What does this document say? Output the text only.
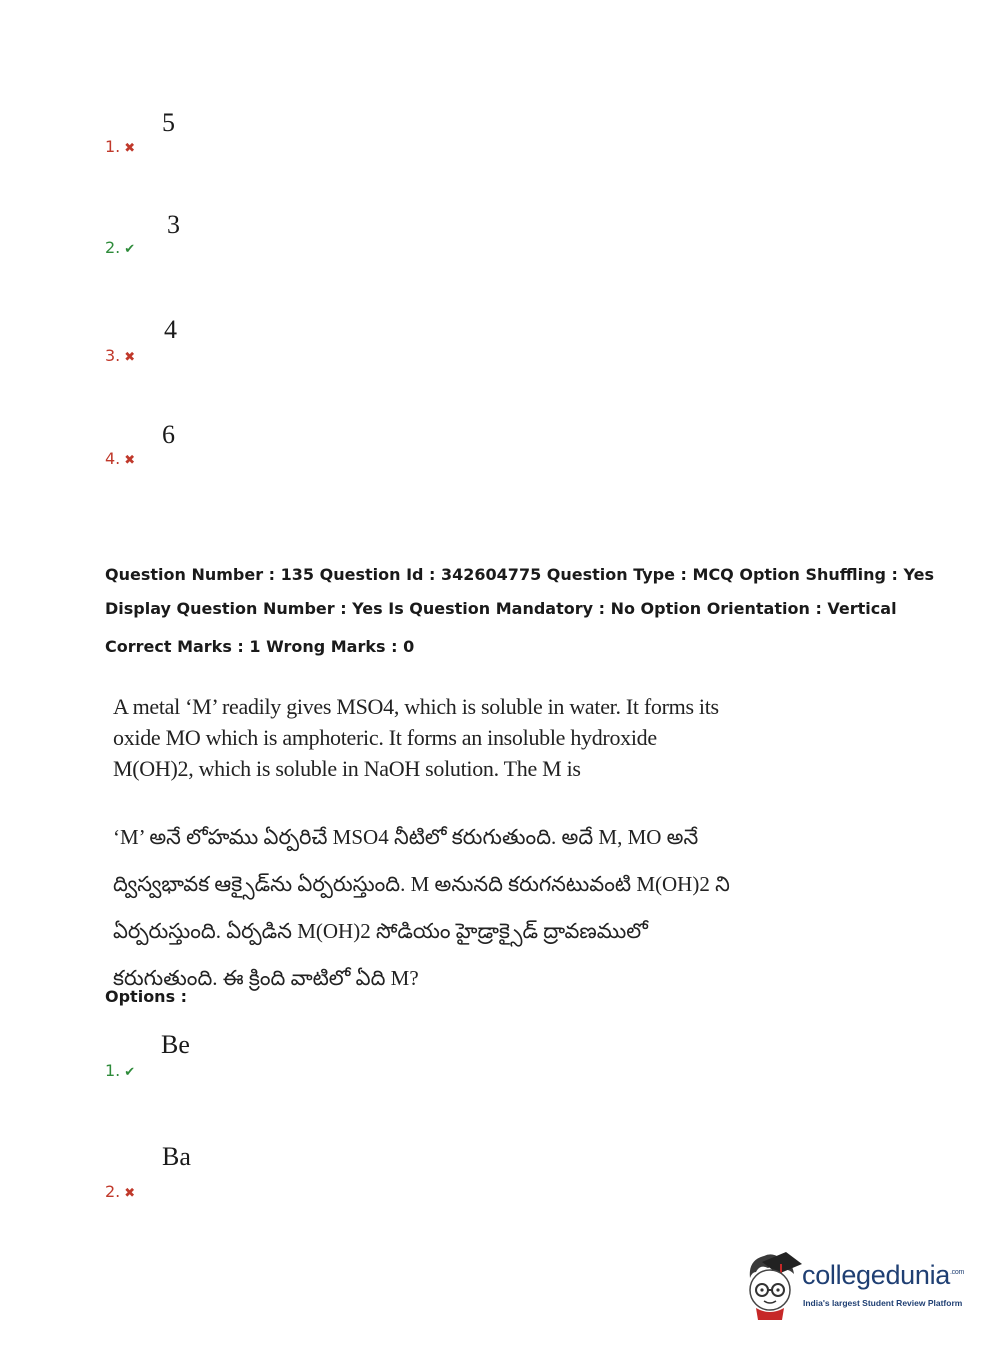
5
1. ✖
3
2. ✔
4
3. ✖
6
4. ✖
Question Number : 135 Question Id : 342604775 Question Type : MCQ Option Shuffling : Yes
Display Question Number : Yes Is Question Mandatory : No Option Orientation : Vertical
Correct Marks : 1 Wrong Marks : 0
A metal ‘M’ readily gives MSO4, which is soluble in water. It forms its oxide MO which is amphoteric. It forms an insoluble hydroxide M(OH)2, which is soluble in NaOH solution. The M is
‘M’ అనే లోహము ఏర్పరిచే MSO4 నీటిలో కరుగుతుంది. అదే M, MO అనే ద్విస్వభావక ఆక్సైడ్‌ను ఏర్పరుస్తుంది. M అనునది కరుగనటువంటి M(OH)2 ని ఏర్పరుస్తుంది. ఏర్పడిన M(OH)2 సోడియం హైడ్రాక్సైడ్ ద్రావణములో కరుగుతుంది. ఈ క్రింది వాటిలో ఏది M?
Options :
Be
1. ✔
Ba
2. ✖
collegedunia$^{.com}$
India's largest Student Review Platform
